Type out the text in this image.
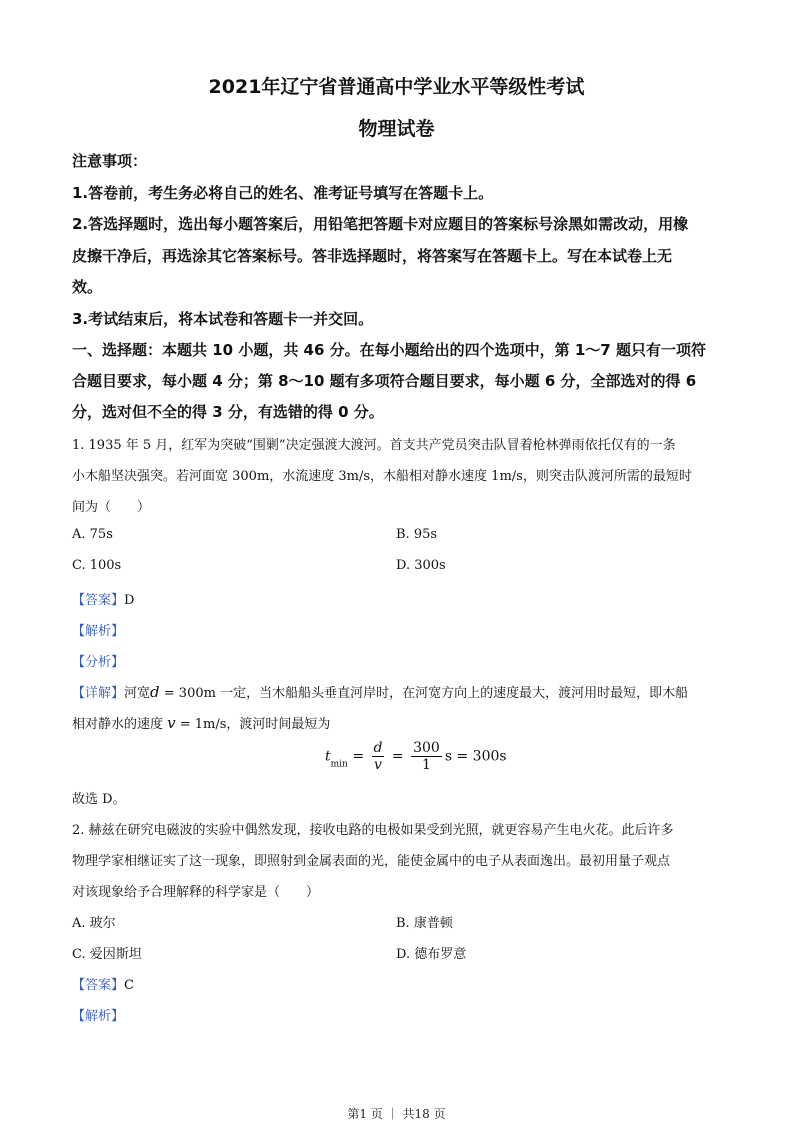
2021年辽宁省普通高中学业水平等级性考试
物理试卷
注意事项：
1.答卷前，考生务必将自己的姓名、准考证号填写在答题卡上。
2.答选择题时，选出每小题答案后，用铅笔把答题卡对应题目的答案标号涂黑如需改动，用橡
皮擦干净后，再选涂其它答案标号。答非选择题时，将答案写在答题卡上。写在本试卷上无
效。
3.考试结束后，将本试卷和答题卡一并交回。
一、选择题：本题共 10 小题，共 46 分。在每小题给出的四个选项中，第 1～7 题只有一项符
合题目要求，每小题 4 分；第 8～10 题有多项符合题目要求，每小题 6 分，全部选对的得 6
分，选对但不全的得 3 分，有选错的得 0 分。
1. 1935 年 5 月，红军为突破“围剿”决定强渡大渡河。首支共产党员突击队冒着枪林弹雨依托仅有的一条
小木船坚决强突。若河面宽 300m，水流速度 3m/s，木船相对静水速度 1m/s，则突击队渡河所需的最短时
间为（　　）
A. 75s	B. 95s
C. 100s	D. 300s
【答案】D
【解析】
【分析】
【详解】河宽d = 300m 一定，当木船船头垂直河岸时，在河宽方向上的速度最大，渡河用时最短，即木船
相对静水的速度 v = 1m/s，渡河时间最短为
$t_{min} = \frac{d}{v} = \frac{300}{1}$ s = 300s
故选 D。
2. 赫兹在研究电磁波的实验中偶然发现，接收电路的电极如果受到光照，就更容易产生电火花。此后许多
物理学家相继证实了这一现象，即照射到金属表面的光，能使金属中的电子从表面逸出。最初用量子观点
对该现象给予合理解释的科学家是（　　）
A. 玻尔	B. 康普顿
C. 爱因斯坦	D. 德布罗意
【答案】C
【解析】
第1 页 ｜ 共18 页
